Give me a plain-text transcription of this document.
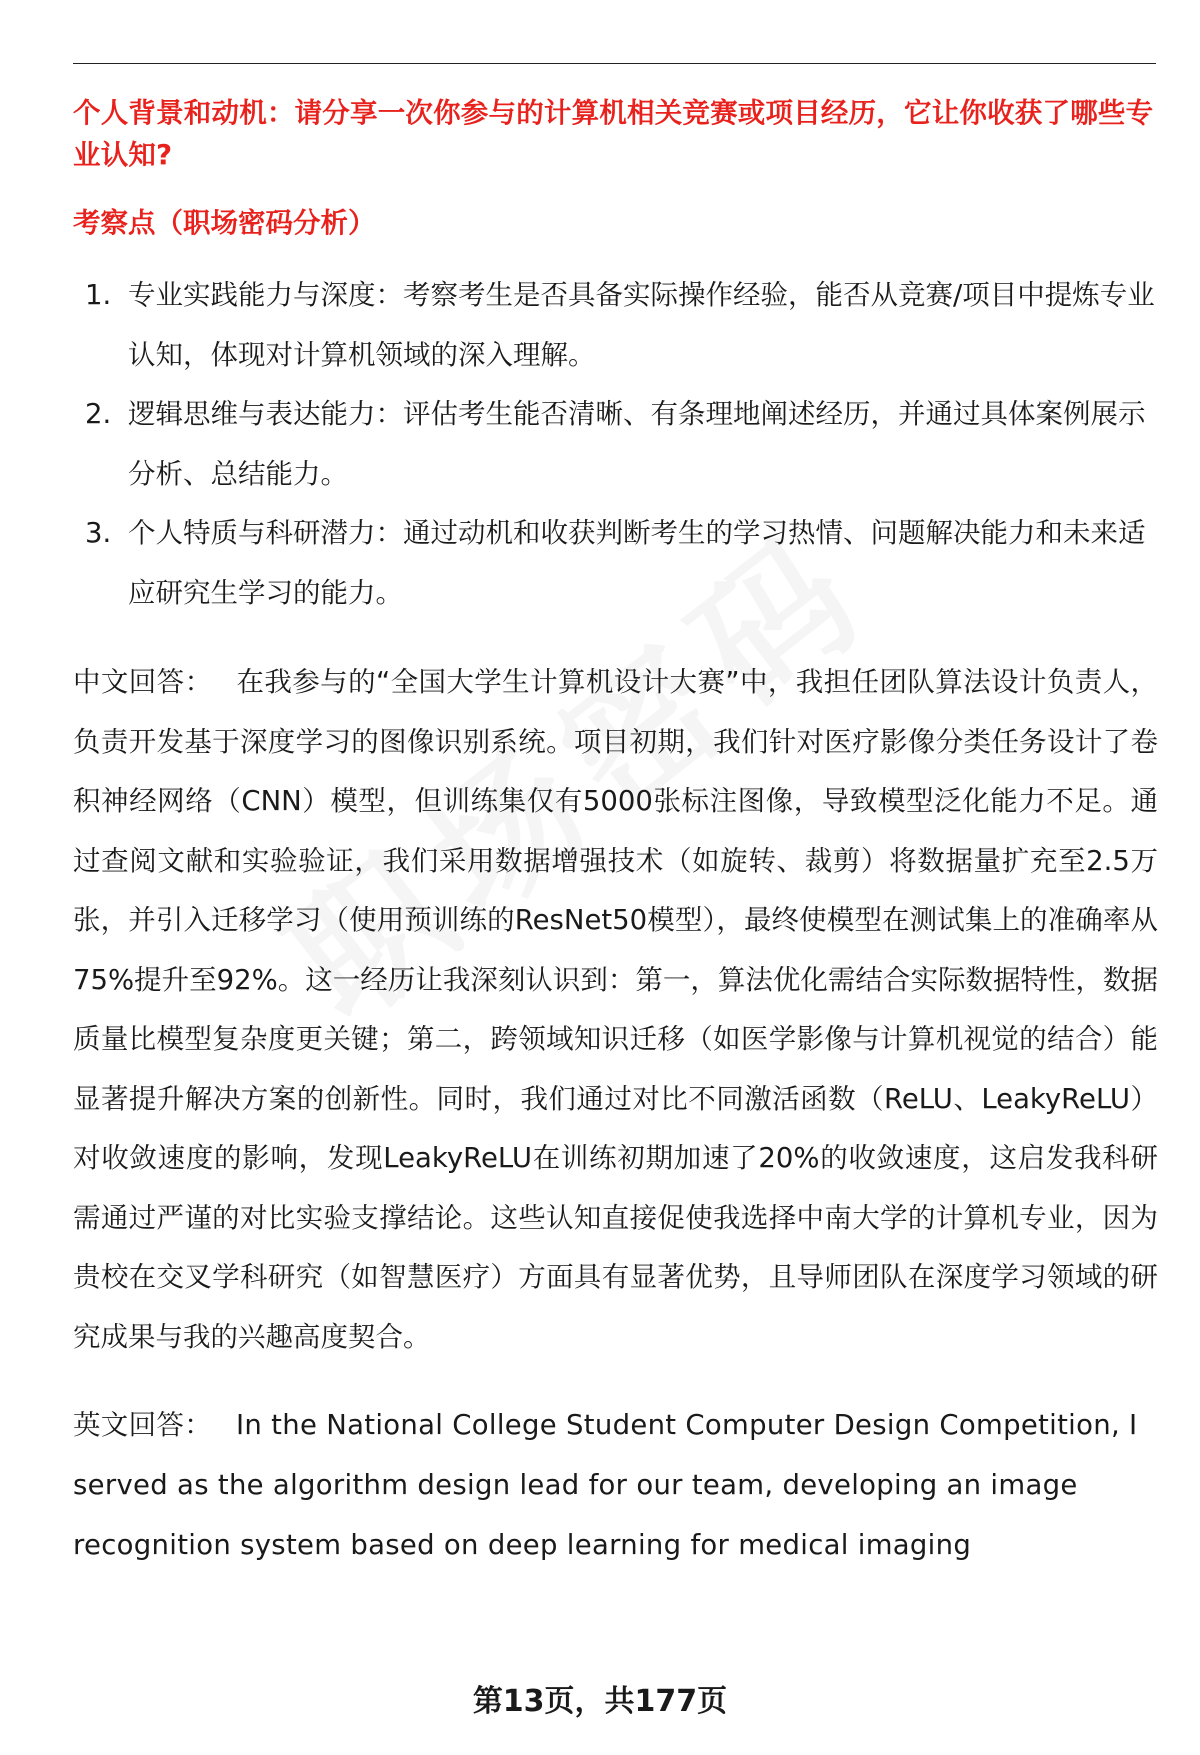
个人背景和动机：请分享一次你参与的计算机相关竞赛或项目经历，它让你收获了哪些专业认知?

考察点（职场密码分析）

1. 专业实践能力与深度：考察考生是否具备实际操作经验，能否从竞赛/项目中提炼专业认知，体现对计算机领域的深入理解。
2. 逻辑思维与表达能力：评估考生能否清晰、有条理地阐述经历，并通过具体案例展示分析、总结能力。
3. 个人特质与科研潜力：通过动机和收获判断考生的学习热情、问题解决能力和未来适应研究生学习的能力。

中文回答： 在我参与的“全国大学生计算机设计大赛”中，我担任团队算法设计负责人，负责开发基于深度学习的图像识别系统。项目初期，我们针对医疗影像分类任务设计了卷积神经网络（CNN）模型，但训练集仅有5000张标注图像，导致模型泛化能力不足。通过查阅文献和实验验证，我们采用数据增强技术（如旋转、裁剪）将数据量扩充至2.5万张，并引入迁移学习（使用预训练的ResNet50模型），最终使模型在测试集上的准确率从75%提升至92%。这一经历让我深刻认识到：第一，算法优化需结合实际数据特性，数据质量比模型复杂度更关键；第二，跨领域知识迁移（如医学影像与计算机视觉的结合）能显著提升解决方案的创新性。同时，我们通过对比不同激活函数（ReLU、LeakyReLU）对收敛速度的影响，发现LeakyReLU在训练初期加速了20%的收敛速度，这启发我科研需通过严谨的对比实验支撑结论。这些认知直接促使我选择中南大学的计算机专业，因为贵校在交叉学科研究（如智慧医疗）方面具有显著优势，且导师团队在深度学习领域的研究成果与我的兴趣高度契合。

英文回答： In the National College Student Computer Design Competition, I served as the algorithm design lead for our team, developing an image recognition system based on deep learning for medical imaging

第13页，共177页
